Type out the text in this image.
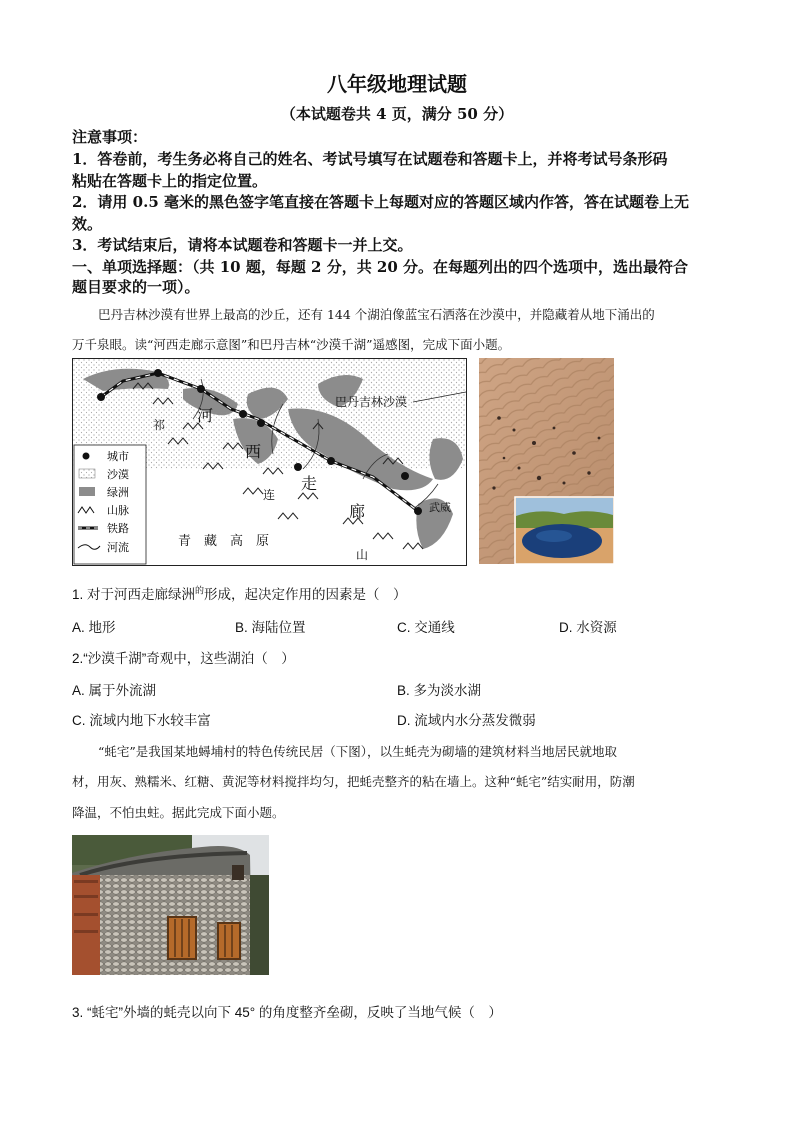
八年级地理试题
（本试题卷共 4 页，满分 50 分）
注意事项：
1．答卷前，考生务必将自己的姓名、考试号填写在试题卷和答题卡上，并将考试号条形码
粘贴在答题卡上的指定位置。
2．请用 0.5 毫米的黑色签字笔直接在答题卡上每题对应的答题区域内作答，答在试题卷上无
效。
3．考试结束后，请将本试题卷和答题卡一并上交。
一、单项选择题：（共 10 题，每题 2 分，共 20 分。在每题列出的四个选项中，选出最符合
题目要求的一项）。
巴丹吉林沙漠有世界上最高的沙丘，还有 144 个湖泊像蓝宝石洒落在沙漠中，并隐藏着从地下涌出的
万千泉眼。读“河西走廊示意图”和巴丹吉林“沙漠千湖”遥感图，完成下面小题。
巴丹吉林沙漠
河
西
走
廊
祁
连
山
青　藏　高　原
武威
城市
沙漠
绿洲
山脉
铁路
河流
1. 对于河西走廊绿洲$^的$形成，起决定作用的因素是（　）
A. 地形	B. 海陆位置	C. 交通线	D. 水资源
2.“沙漠千湖”奇观中，这些湖泊（　）
A. 属于外流湖	B. 多为淡水湖
C. 流域内地下水较丰富	D. 流域内水分蒸发微弱
“蚝宅”是我国某地蟳埔村的特色传统民居（下图），以生蚝壳为砌墙的建筑材料当地居民就地取
材，用灰、熟糯米、红糖、黄泥等材料搅拌均匀，把蚝壳整齐的粘在墙上。这种“蚝宅”结实耐用，防潮
降温，不怕虫蛀。据此完成下面小题。
3. “蚝宅”外墙的蚝壳以向下 45° 的角度整齐垒砌，反映了当地气候（　）
